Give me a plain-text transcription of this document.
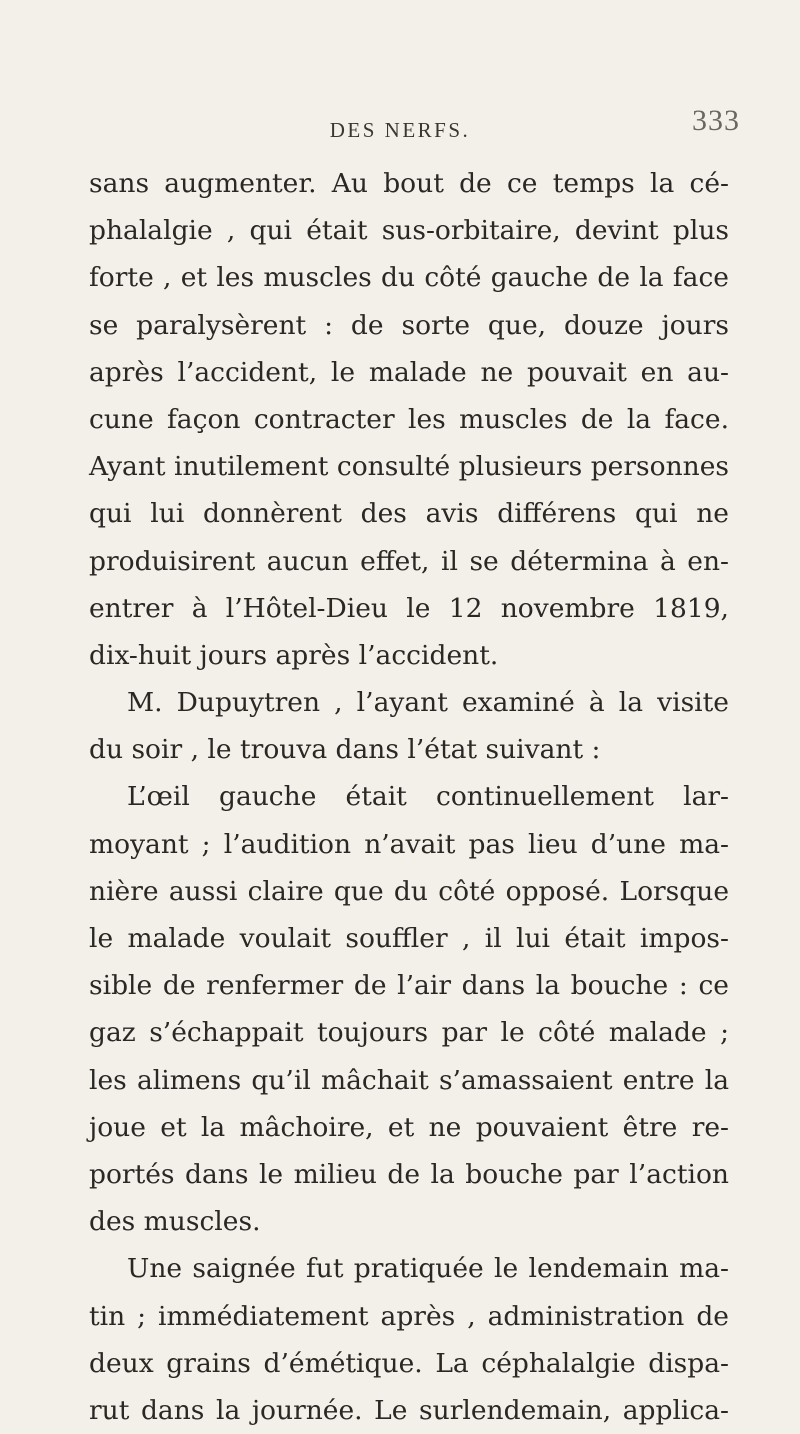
DES NERFS.	333
sans augmenter. Au bout de ce temps la cé-
phalalgie , qui était sus-orbitaire, devint plus
forte , et les muscles du côté gauche de la face
se paralysèrent : de sorte que, douze jours
après l’accident, le malade ne pouvait en au-
cune façon contracter les muscles de la face.
Ayant inutilement consulté plusieurs personnes
qui lui donnèrent des avis différens qui ne
produisirent aucun effet, il se détermina à en-
entrer à l’Hôtel-Dieu le 12 novembre 1819,
dix-huit jours après l’accident.
M. Dupuytren , l’ayant examiné à la visite
du soir , le trouva dans l’état suivant :
L’œil gauche était continuellement lar-
moyant ; l’audition n’avait pas lieu d’une ma-
nière aussi claire que du côté opposé. Lorsque
le malade voulait souffler , il lui était impos-
sible de renfermer de l’air dans la bouche : ce
gaz s’échappait toujours par le côté malade ;
les alimens qu’il mâchait s’amassaient entre la
joue et la mâchoire, et ne pouvaient être re-
portés dans le milieu de la bouche par l’action
des muscles.
Une saignée fut pratiquée le lendemain ma-
tin ; immédiatement après , administration de
deux grains d’émétique. La céphalalgie dispa-
rut dans la journée. Le surlendemain, applica-
